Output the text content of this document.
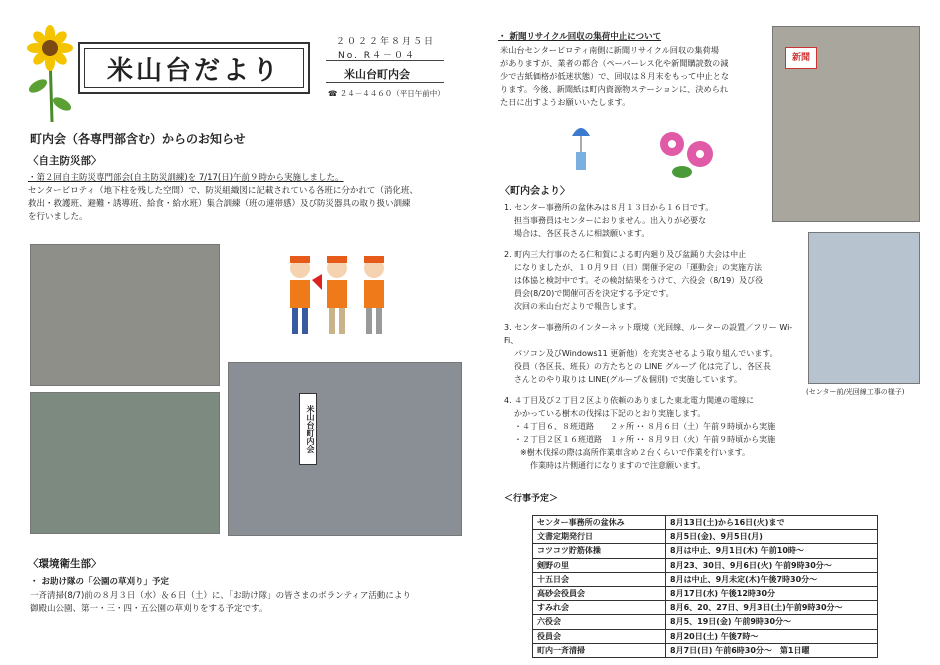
米山台だより
２０２２年８月５日
No. R４－０４
米山台町内会
☎ ２４－４４６０（平日午前中）
町内会（各専門部含む）からのお知らせ
〈自主防災部〉
・第２回自主防災専門部会(自主防災訓練)を 7/17(日)午前９時から実施しました。
センタービロティ（地下柱を残した空間）で、防災組織図に記載されている各班に分かれて（消化班、
救出・救護班、避難・誘導班、給食・給水班）集合訓練（班の連帯感）及び防災器具の取り扱い訓練
を行いました。
米山台町内会
〈環境衛生部〉
・ お助け隊の「公園の草刈り」予定
一斉清掃(8/7)前の８月３日（水）＆６日（土）に、「お助け隊」の皆さまのボランティア活動により
御殿山公園、第一・三・四・五公園の草刈りをする予定です。
・ 新聞リサイクル回収の集荷中止について
米山台センタービロティ南側に新聞リサイクル回収の集荷場
がありますが、業者の都合（ペーパーレス化や新聞購読数の減
少で古紙価格が低迷状態）で、回収は８月末をもって中止とな
ります。今後、新聞紙は町内資源物ステーションに、決められ
た日に出すようお願いいたします。
新聞
〈町内会より〉

1. センター事務所の盆休みは８月１３日から１６日です。
担当事務員はセンターにおりません。出入りが必要な
場合は、各区長さんに相談願います。

2. 町内三大行事のたる仁和賀による町内廻り及び盆踊り大会は中止
になりましたが、１０月９日（日）開催予定の「運動会」の実施方法
は体協と検討中です。その検討結果をうけて、六役会（8/19）及び役
員会(8/20)で開催可否を決定する予定です。
次回の米山台だよりで報告します。

3. センター事務所のインターネット環境（光回線、ルーターの設置／フリー Wi-Fi、
パソコン及びWindows11 更新他）を充実させるよう取り組んでいます。
役員（各区長、班長）の方たちとの LINE グループ 化は完了し、各区長
さんとのやり取りは LINE(グループ＆個別) で実施しています。

4. ４丁目及び２丁目２区より依頼のありました東北電力関連の電線に
かかっている樹木の伐採は下記のとおり実施します。
・４丁目６、８班道路　　２ヶ所 ･･ ８月６日（土）午前９時頃から実施
・２丁目２区１６班道路　１ヶ所 ･･ ８月９日（火）午前９時頃から実施
※樹木伐採の際は高所作業車含め２台くらいで作業を行います。
作業時は片側通行になりますので注意願います。

(センター前/光回線工事の様子)
＜行事予定＞
センター事務所の盆休み	8月13日(土)から16日(火)まで
文書定期発行日	8月5日(金)、9月5日(月)
コツコツ貯筋体操	8月は中止、9月1日(木) 午前10時～
剣野の里	8月23、30日、9月6日(火) 午前9時30分～
十五日会	8月は中止、9月未定(木)午後7時30分～
高砂会役員会	8月17日(水) 午後12時30分
すみれ会	8月6、20、27日、9月3日(土)午前9時30分～
六役会	8月5、19日(金) 午前9時30分～
役員会	8月20日(土) 午後7時～
町内一斉清掃	8月7日(日) 午前6時30分～　第1日曜
